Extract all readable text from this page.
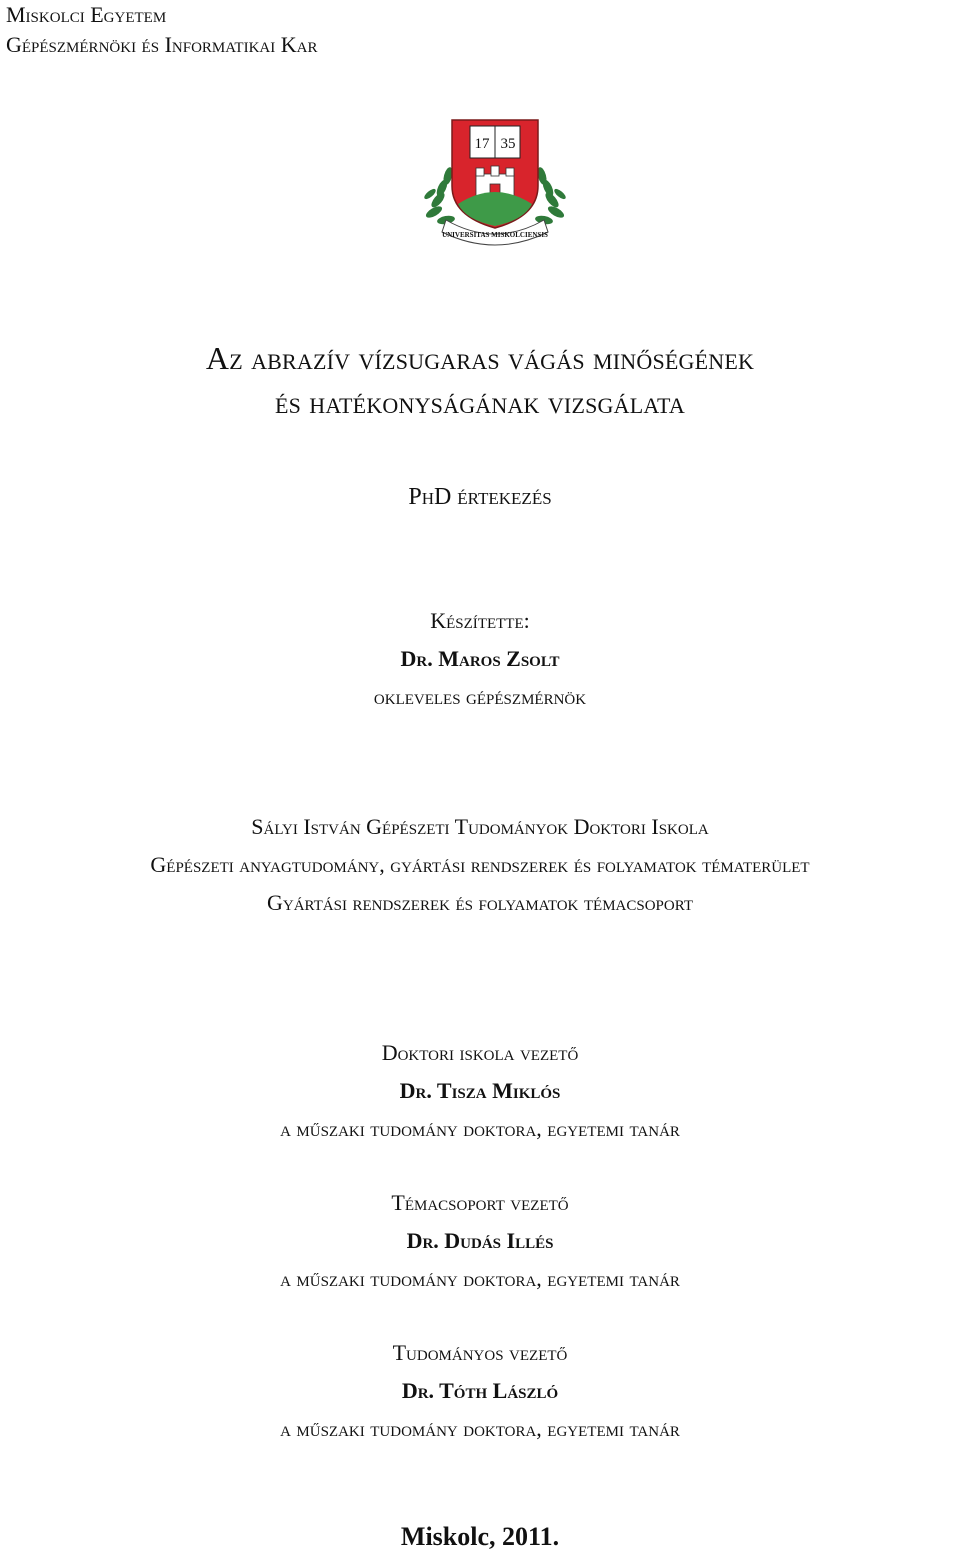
Miskolci Egyetem
Gépészmérnöki és Informatikai Kar
17 35
UNIVERSITAS MISKOLCIENSIS
Az abrazív vízsugaras vágás minőségének
és hatékonyságának vizsgálata
PhD értekezés
Készítette:
Dr. Maros Zsolt
okleveles gépészmérnök
Sályi István Gépészeti Tudományok Doktori Iskola
Gépészeti anyagtudomány, gyártási rendszerek és folyamatok tématerület
Gyártási rendszerek és folyamatok témacsoport
Doktori iskola vezető
Dr. Tisza Miklós
a műszaki tudomány doktora, egyetemi tanár
Témacsoport vezető
Dr. Dudás Illés
a műszaki tudomány doktora, egyetemi tanár
Tudományos vezető
Dr. Tóth László
a műszaki tudomány doktora, egyetemi tanár
Miskolc, 2011.
